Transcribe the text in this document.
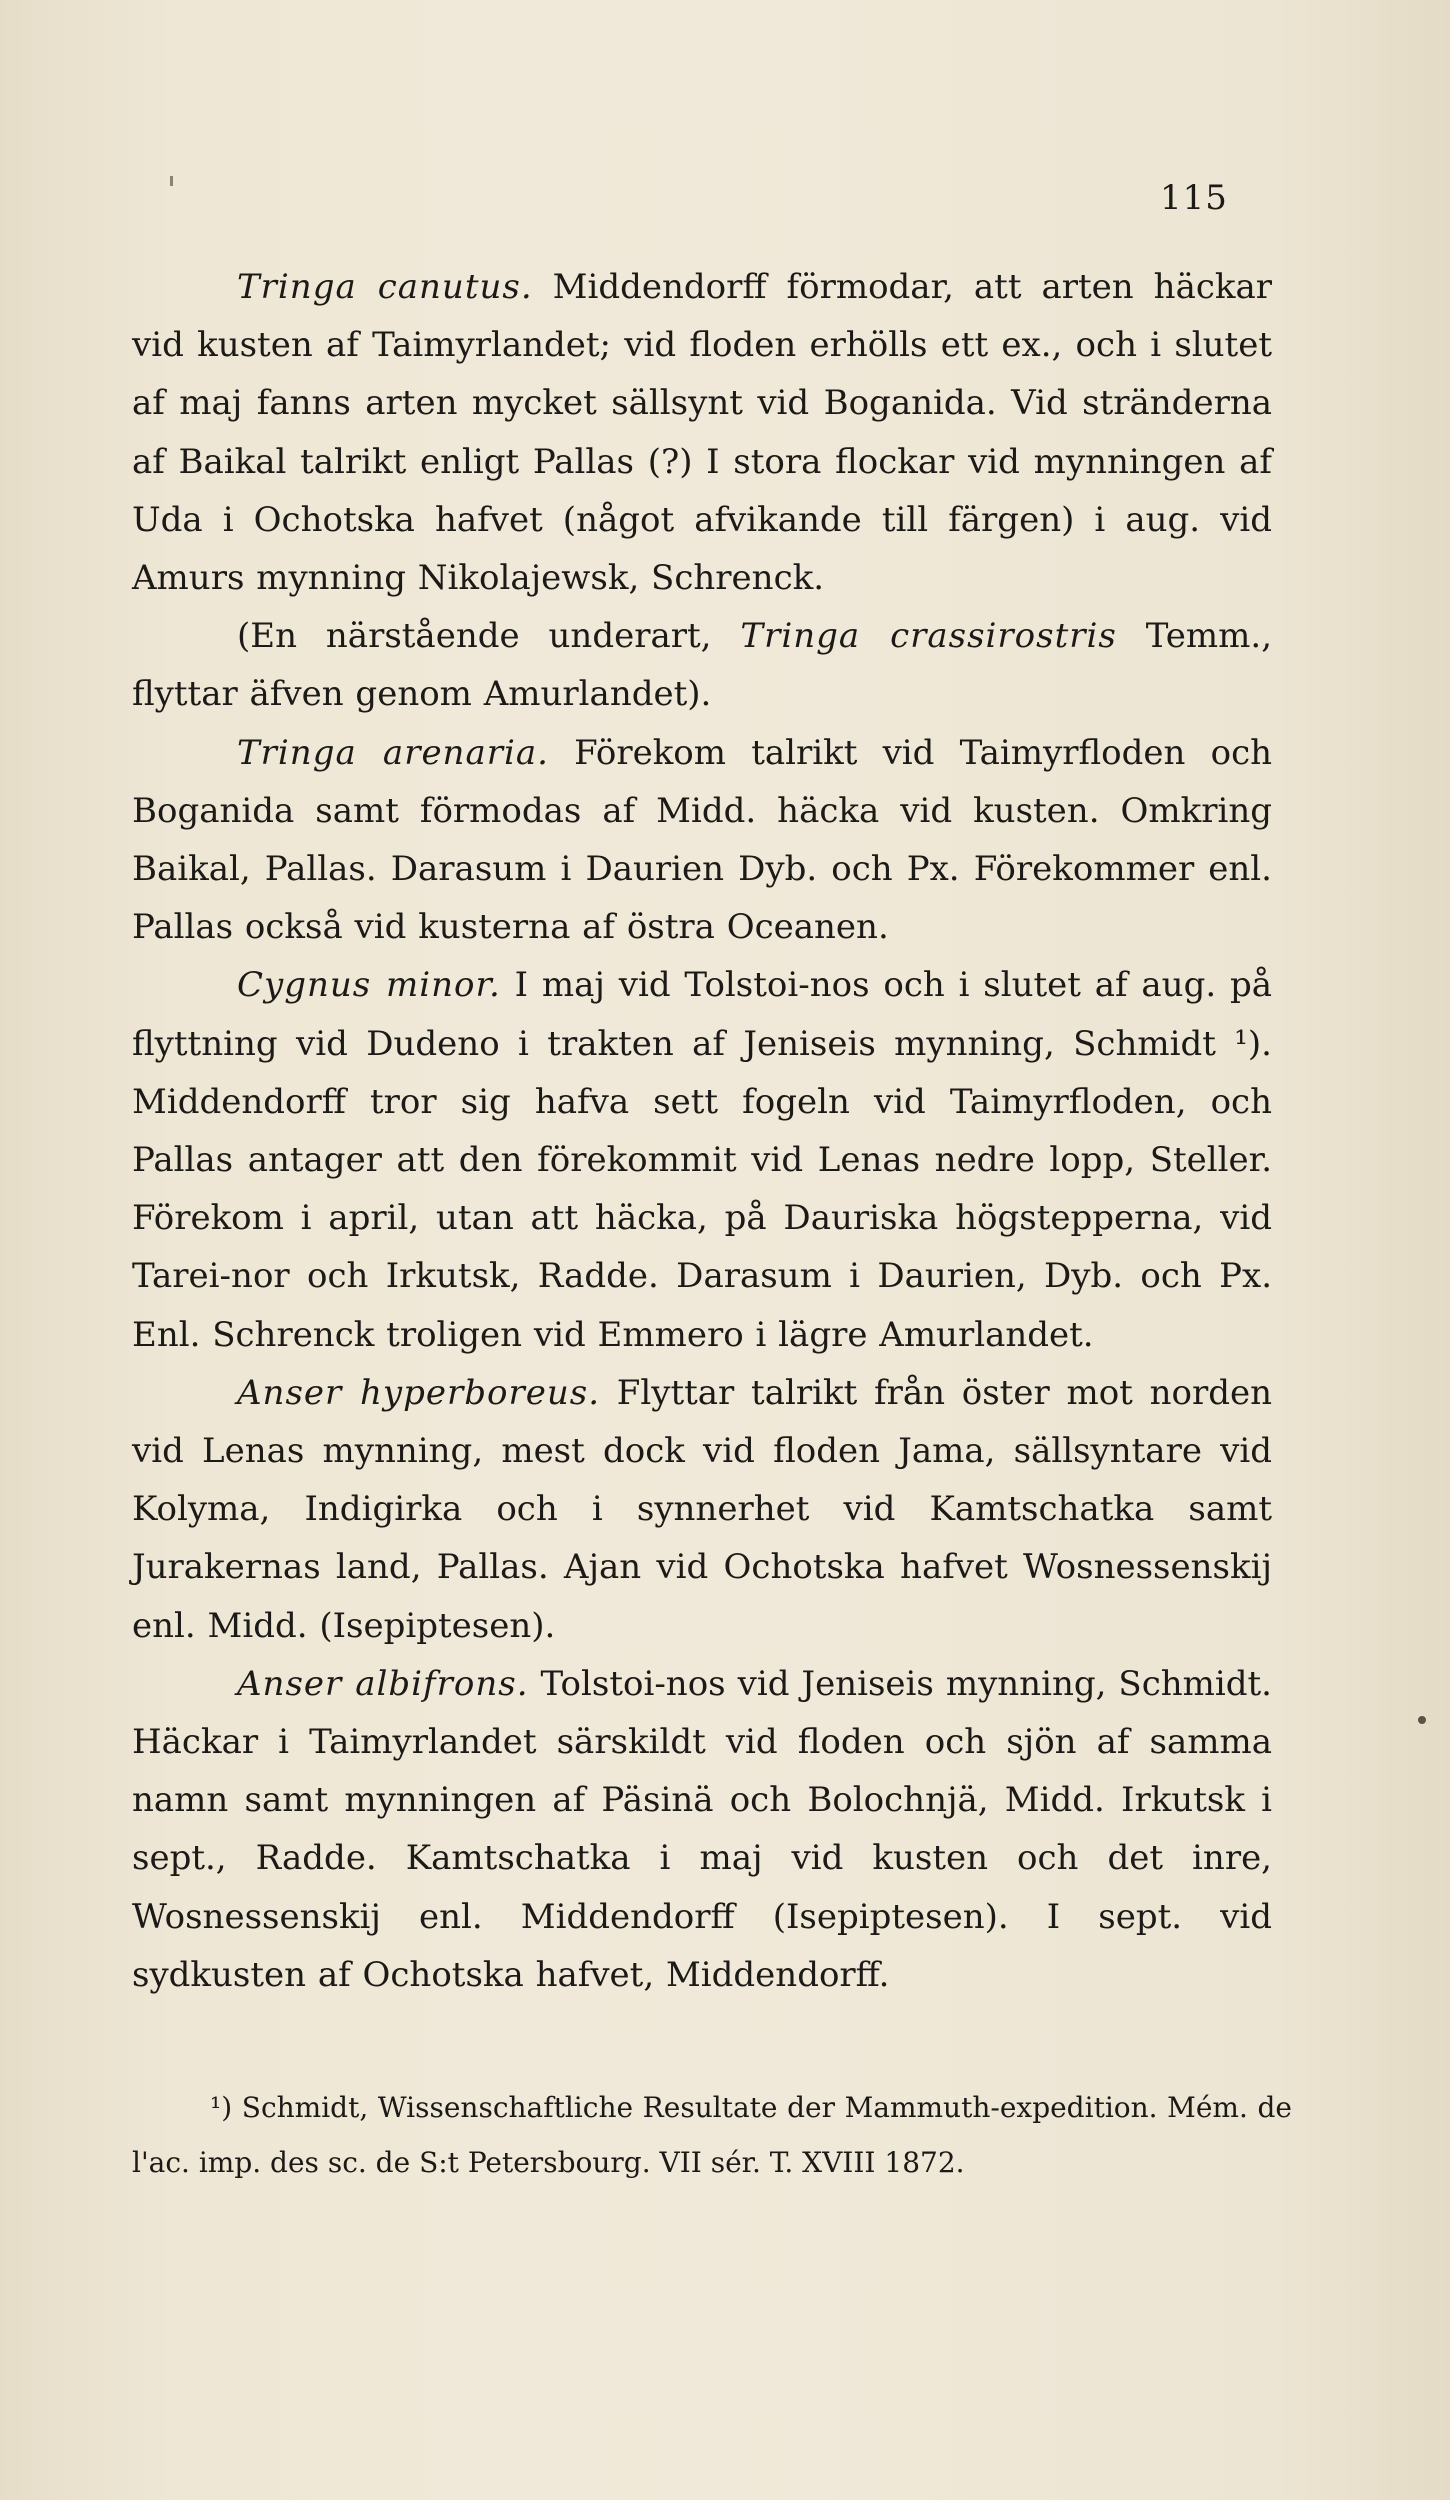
115

Tringa canutus. Middendorff förmodar, att arten häckar vid kusten af Taimyrlandet; vid floden erhölls ett ex., och i slutet af maj fanns arten mycket sällsynt vid Boganida. Vid stränderna af Baikal talrikt enligt Pallas (?) I stora flockar vid mynningen af Uda i Ochotska hafvet (något afvikande till färgen) i aug. vid Amurs mynning Nikolajewsk, Schrenck.

(En närstående underart, Tringa crassirostris Temm., flyttar äfven genom Amurlandet).

Tringa arenaria. Förekom talrikt vid Taimyrfloden och Boganida samt förmodas af Midd. häcka vid kusten. Omkring Baikal, Pallas. Darasum i Daurien Dyb. och Px. Förekommer enl. Pallas också vid kusterna af östra Oceanen.

Cygnus minor. I maj vid Tolstoi-nos och i slutet af aug. på flyttning vid Dudeno i trakten af Jeniseis mynning, Schmidt ¹). Middendorff tror sig hafva sett fogeln vid Taimyrfloden, och Pallas antager att den förekommit vid Lenas nedre lopp, Steller. Förekom i april, utan att häcka, på Dauriska högstepperna, vid Tarei-nor och Irkutsk, Radde. Darasum i Daurien, Dyb. och Px. Enl. Schrenck troligen vid Emmero i lägre Amurlandet.

Anser hyperboreus. Flyttar talrikt från öster mot norden vid Lenas mynning, mest dock vid floden Jama, sällsyntare vid Kolyma, Indigirka och i synnerhet vid Kamtschatka samt Jurakernas land, Pallas. Ajan vid Ochotska hafvet Wosnessenskij enl. Midd. (Isepiptesen).

Anser albifrons. Tolstoi-nos vid Jeniseis mynning, Schmidt. Häckar i Taimyrlandet särskildt vid floden och sjön af samma namn samt mynningen af Päsinä och Bolochnjä, Midd. Irkutsk i sept., Radde. Kamtschatka i maj vid kusten och det inre, Wosnessenskij enl. Middendorff (Isepiptesen). I sept. vid sydkusten af Ochotska hafvet, Middendorff.

¹) Schmidt, Wissenschaftliche Resultate der Mammuth-expedition. Mém. de l'ac. imp. des sc. de S:t Petersbourg. VII sér. T. XVIII 1872.
